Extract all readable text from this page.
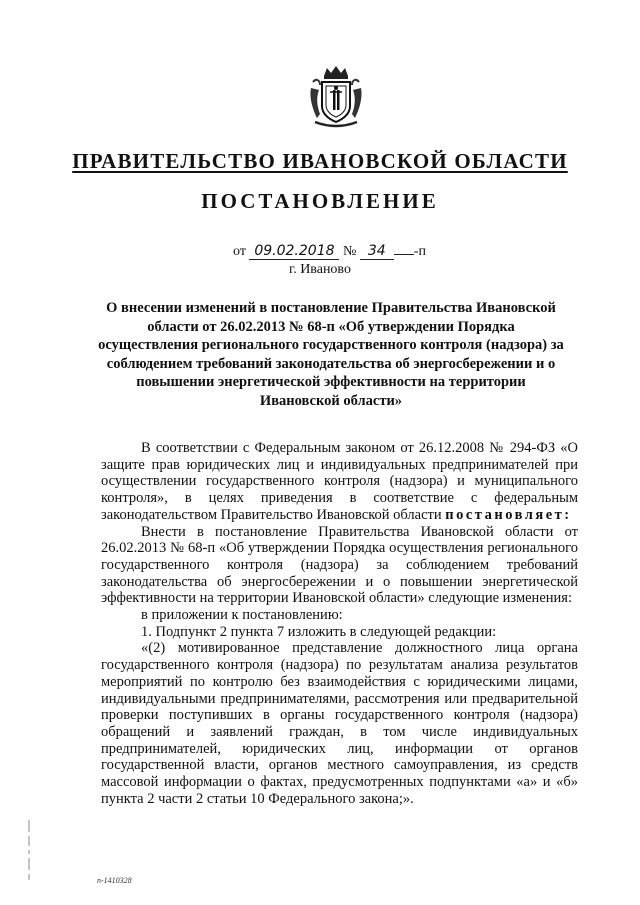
ПРАВИТЕЛЬСТВО ИВАНОВСКОЙ ОБЛАСТИ
ПОСТАНОВЛЕНИЕ
от 09.02.2018 № 34 -п
г. Иваново
О внесении изменений в постановление Правительства Ивановской области от 26.02.2013 № 68-п «Об утверждении Порядка осуществления регионального государственного контроля (надзора) за соблюдением требований законодательства об энергосбережении и о повышении энергетической эффективности на территории Ивановской области»

В соответствии с Федеральным законом от 26.12.2008 № 294-ФЗ «О защите прав юридических лиц и индивидуальных предпринимателей при осуществлении государственного контроля (надзора) и муниципального контроля», в целях приведения в соответствие с федеральным законодательством Правительство Ивановской области постановляет:

Внести в постановление Правительства Ивановской области от 26.02.2013 № 68-п «Об утверждении Порядка осуществления регионального государственного контроля (надзора) за соблюдением требований законодательства об энергосбережении и о повышении энергетической эффективности на территории Ивановской области» следующие изменения:

в приложении к постановлению:

1. Подпункт 2 пункта 7 изложить в следующей редакции:

«(2) мотивированное представление должностного лица органа государственного контроля (надзора) по результатам анализа результатов мероприятий по контролю без взаимодействия с юридическими лицами, индивидуальными предпринимателями, рассмотрения или предварительной проверки поступивших в органы государственного контроля (надзора) обращений и заявлений граждан, в том числе индивидуальных предпринимателей, юридических лиц, информации от органов государственной власти, органов местного самоуправления, из средств массовой информации о фактах, предусмотренных подпунктами «а» и «б» пункта 2 части 2 статьи 10 Федерального закона;».

п-1410328
